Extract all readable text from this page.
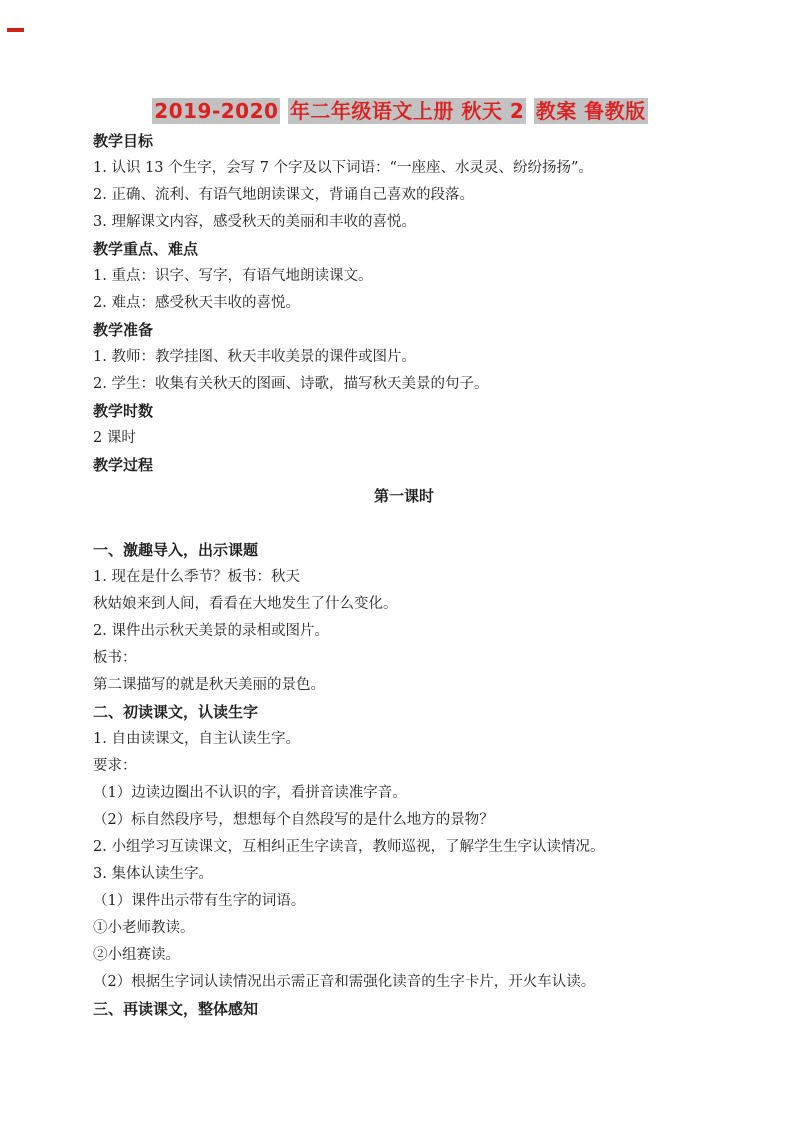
2019-2020 年二年级语文上册 秋天 2 教案 鲁教版

教学目标

1. 认识 13 个生字，会写 7 个字及以下词语：“一座座、水灵灵、纷纷扬扬”。

2. 正确、流利、有语气地朗读课文，背诵自己喜欢的段落。

3. 理解课文内容，感受秋天的美丽和丰收的喜悦。

教学重点、难点

1. 重点：识字、写字，有语气地朗读课文。

2. 难点：感受秋天丰收的喜悦。

教学准备

1. 教师：教学挂图、秋天丰收美景的课件或图片。

2. 学生：收集有关秋天的图画、诗歌，描写秋天美景的句子。

教学时数

2 课时

教学过程

第一课时

一、激趣导入，出示课题

1. 现在是什么季节？板书：秋天

秋姑娘来到人间，看看在大地发生了什么变化。

2. 课件出示秋天美景的录相或图片。

板书：

第二课描写的就是秋天美丽的景色。

二、初读课文，认读生字

1. 自由读课文，自主认读生字。

要求：

（1）边读边圈出不认识的字，看拼音读准字音。

（2）标自然段序号，想想每个自然段写的是什么地方的景物？

2. 小组学习互读课文，互相纠正生字读音，教师巡视，了解学生生字认读情况。

3. 集体认读生字。

（1）课件出示带有生字的词语。

①小老师教读。

②小组赛读。

（2）根据生字词认读情况出示需正音和需强化读音的生字卡片，开火车认读。

三、再读课文，整体感知
